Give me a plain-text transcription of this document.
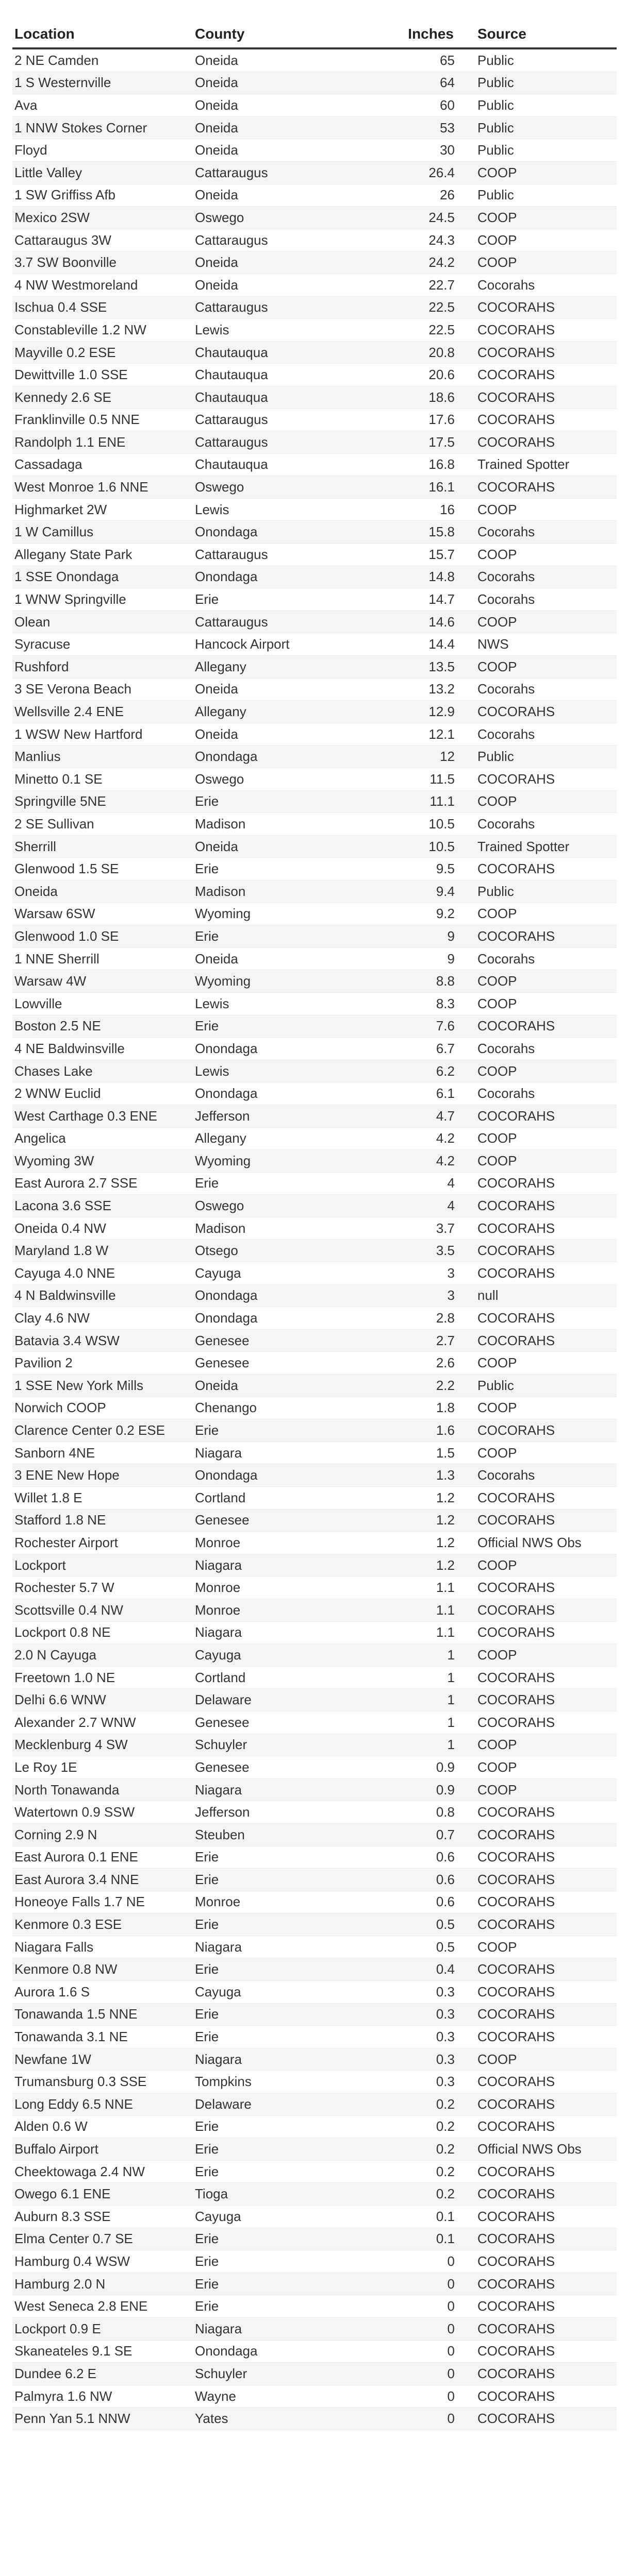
Location	County	Inches	Source
2 NE Camden	Oneida	65	Public
1 S Westernville	Oneida	64	Public
Ava	Oneida	60	Public
1 NNW Stokes Corner	Oneida	53	Public
Floyd	Oneida	30	Public
Little Valley	Cattaraugus	26.4	COOP
1 SW Griffiss Afb	Oneida	26	Public
Mexico 2SW	Oswego	24.5	COOP
Cattaraugus 3W	Cattaraugus	24.3	COOP
3.7 SW Boonville	Oneida	24.2	COOP
4 NW Westmoreland	Oneida	22.7	Cocorahs
Ischua 0.4 SSE	Cattaraugus	22.5	COCORAHS
Constableville 1.2 NW	Lewis	22.5	COCORAHS
Mayville 0.2 ESE	Chautauqua	20.8	COCORAHS
Dewittville 1.0 SSE	Chautauqua	20.6	COCORAHS
Kennedy 2.6 SE	Chautauqua	18.6	COCORAHS
Franklinville 0.5 NNE	Cattaraugus	17.6	COCORAHS
Randolph 1.1 ENE	Cattaraugus	17.5	COCORAHS
Cassadaga	Chautauqua	16.8	Trained Spotter
West Monroe 1.6 NNE	Oswego	16.1	COCORAHS
Highmarket 2W	Lewis	16	COOP
1 W Camillus	Onondaga	15.8	Cocorahs
Allegany State Park	Cattaraugus	15.7	COOP
1 SSE Onondaga	Onondaga	14.8	Cocorahs
1 WNW Springville	Erie	14.7	Cocorahs
Olean	Cattaraugus	14.6	COOP
Syracuse	Hancock Airport	14.4	NWS
Rushford	Allegany	13.5	COOP
3 SE Verona Beach	Oneida	13.2	Cocorahs
Wellsville 2.4 ENE	Allegany	12.9	COCORAHS
1 WSW New Hartford	Oneida	12.1	Cocorahs
Manlius	Onondaga	12	Public
Minetto 0.1 SE	Oswego	11.5	COCORAHS
Springville 5NE	Erie	11.1	COOP
2 SE Sullivan	Madison	10.5	Cocorahs
Sherrill	Oneida	10.5	Trained Spotter
Glenwood 1.5 SE	Erie	9.5	COCORAHS
Oneida	Madison	9.4	Public
Warsaw 6SW	Wyoming	9.2	COOP
Glenwood 1.0 SE	Erie	9	COCORAHS
1 NNE Sherrill	Oneida	9	Cocorahs
Warsaw 4W	Wyoming	8.8	COOP
Lowville	Lewis	8.3	COOP
Boston 2.5 NE	Erie	7.6	COCORAHS
4 NE Baldwinsville	Onondaga	6.7	Cocorahs
Chases Lake	Lewis	6.2	COOP
2 WNW Euclid	Onondaga	6.1	Cocorahs
West Carthage 0.3 ENE	Jefferson	4.7	COCORAHS
Angelica	Allegany	4.2	COOP
Wyoming 3W	Wyoming	4.2	COOP
East Aurora 2.7 SSE	Erie	4	COCORAHS
Lacona 3.6 SSE	Oswego	4	COCORAHS
Oneida 0.4 NW	Madison	3.7	COCORAHS
Maryland 1.8 W	Otsego	3.5	COCORAHS
Cayuga 4.0 NNE	Cayuga	3	COCORAHS
4 N Baldwinsville	Onondaga	3	null
Clay 4.6 NW	Onondaga	2.8	COCORAHS
Batavia 3.4 WSW	Genesee	2.7	COCORAHS
Pavilion 2	Genesee	2.6	COOP
1 SSE New York Mills	Oneida	2.2	Public
Norwich COOP	Chenango	1.8	COOP
Clarence Center 0.2 ESE	Erie	1.6	COCORAHS
Sanborn 4NE	Niagara	1.5	COOP
3 ENE New Hope	Onondaga	1.3	Cocorahs
Willet 1.8 E	Cortland	1.2	COCORAHS
Stafford 1.8 NE	Genesee	1.2	COCORAHS
Rochester Airport	Monroe	1.2	Official NWS Obs
Lockport	Niagara	1.2	COOP
Rochester 5.7 W	Monroe	1.1	COCORAHS
Scottsville 0.4 NW	Monroe	1.1	COCORAHS
Lockport 0.8 NE	Niagara	1.1	COCORAHS
2.0 N Cayuga	Cayuga	1	COOP
Freetown 1.0 NE	Cortland	1	COCORAHS
Delhi 6.6 WNW	Delaware	1	COCORAHS
Alexander 2.7 WNW	Genesee	1	COCORAHS
Mecklenburg 4 SW	Schuyler	1	COOP
Le Roy 1E	Genesee	0.9	COOP
North Tonawanda	Niagara	0.9	COOP
Watertown 0.9 SSW	Jefferson	0.8	COCORAHS
Corning 2.9 N	Steuben	0.7	COCORAHS
East Aurora 0.1 ENE	Erie	0.6	COCORAHS
East Aurora 3.4 NNE	Erie	0.6	COCORAHS
Honeoye Falls 1.7 NE	Monroe	0.6	COCORAHS
Kenmore 0.3 ESE	Erie	0.5	COCORAHS
Niagara Falls	Niagara	0.5	COOP
Kenmore 0.8 NW	Erie	0.4	COCORAHS
Aurora 1.6 S	Cayuga	0.3	COCORAHS
Tonawanda 1.5 NNE	Erie	0.3	COCORAHS
Tonawanda 3.1 NE	Erie	0.3	COCORAHS
Newfane 1W	Niagara	0.3	COOP
Trumansburg 0.3 SSE	Tompkins	0.3	COCORAHS
Long Eddy 6.5 NNE	Delaware	0.2	COCORAHS
Alden 0.6 W	Erie	0.2	COCORAHS
Buffalo Airport	Erie	0.2	Official NWS Obs
Cheektowaga 2.4 NW	Erie	0.2	COCORAHS
Owego 6.1 ENE	Tioga	0.2	COCORAHS
Auburn 8.3 SSE	Cayuga	0.1	COCORAHS
Elma Center 0.7 SE	Erie	0.1	COCORAHS
Hamburg 0.4 WSW	Erie	0	COCORAHS
Hamburg 2.0 N	Erie	0	COCORAHS
West Seneca 2.8 ENE	Erie	0	COCORAHS
Lockport 0.9 E	Niagara	0	COCORAHS
Skaneateles 9.1 SE	Onondaga	0	COCORAHS
Dundee 6.2 E	Schuyler	0	COCORAHS
Palmyra 1.6 NW	Wayne	0	COCORAHS
Penn Yan 5.1 NNW	Yates	0	COCORAHS
